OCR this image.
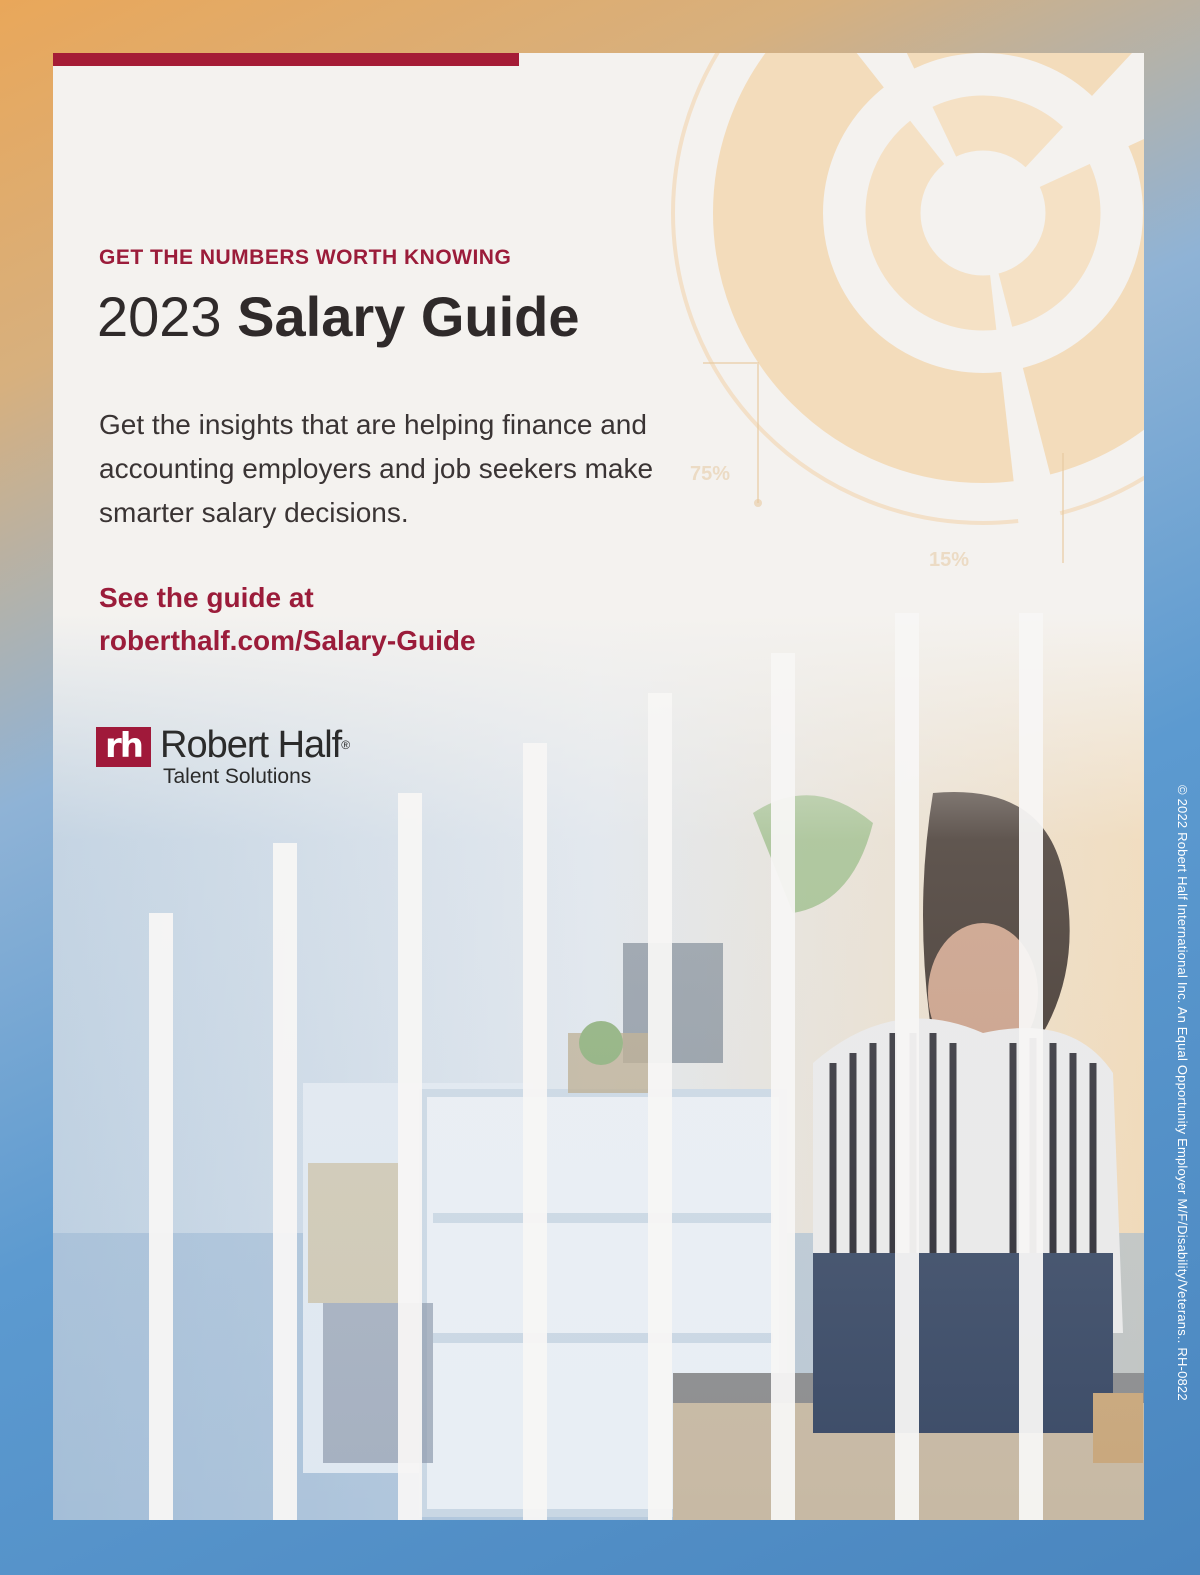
75%
15%
GET THE NUMBERS WORTH KNOWING
2023 Salary Guide
Get the insights that are helping finance and accounting employers and job seekers make smarter salary decisions.
See the guide at
roberthalf.com/Salary-Guide
rh Robert Half®
Talent Solutions
© 2022 Robert Half International Inc. An Equal Opportunity Employer M/F/Disability/Veterans.. RH-0822
